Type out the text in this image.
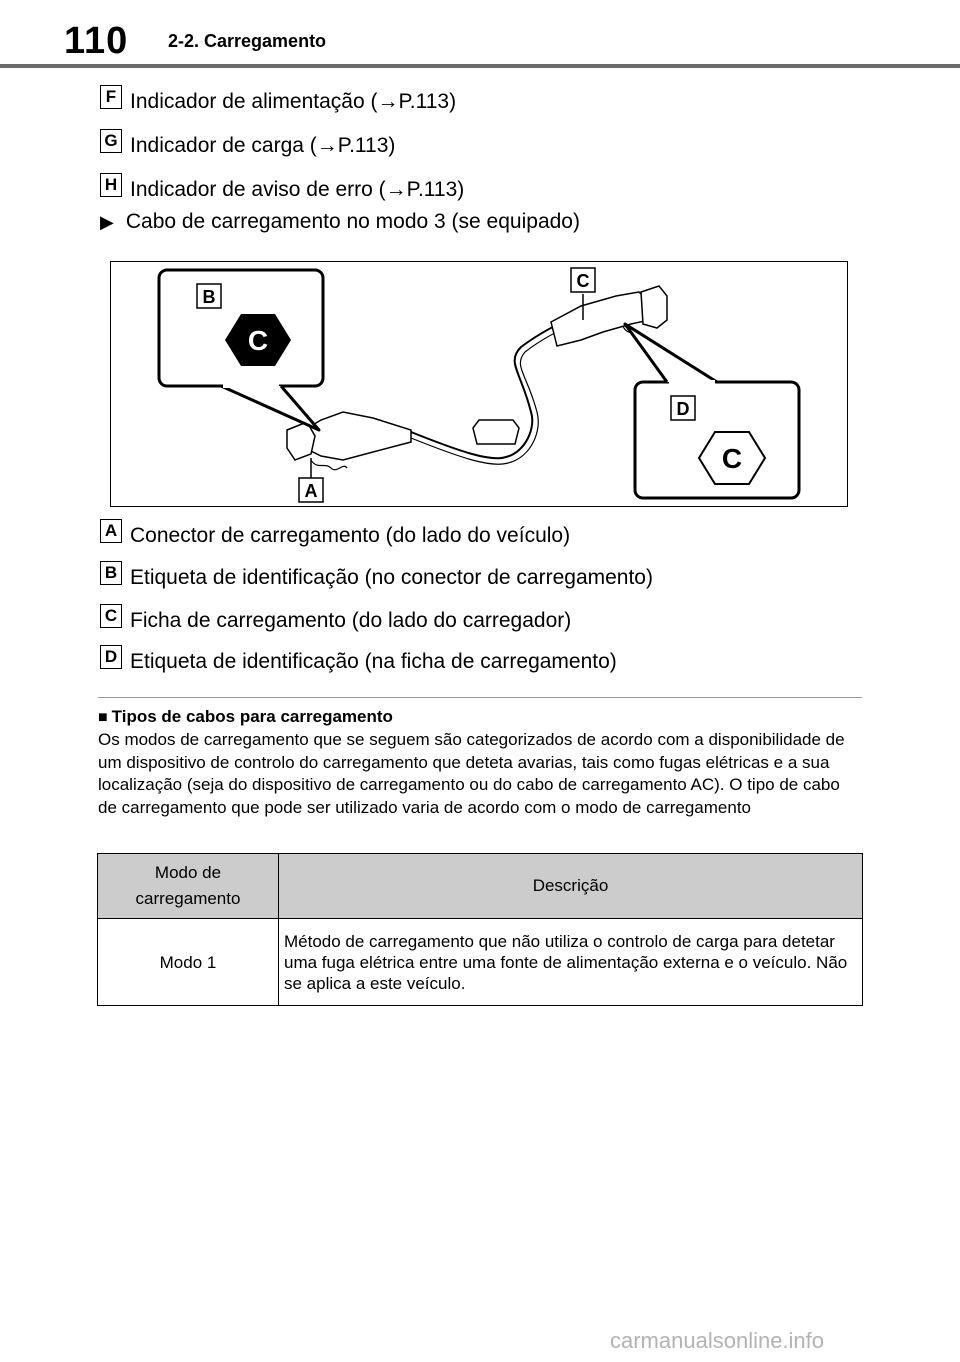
110 2-2. Carregamento
F Indicador de alimentação (→P.113)
G Indicador de carga (→P.113)
H Indicador de aviso de erro (→P.113)
▶ Cabo de carregamento no modo 3 (se equipado)
C
B
C
D
C
A
A Conector de carregamento (do lado do veículo)
B Etiqueta de identificação (no conector de carregamento)
C Ficha de carregamento (do lado do carregador)
D Etiqueta de identificação (na ficha de carregamento)
■ Tipos de cabos para carregamento
Os modos de carregamento que se seguem são categorizados de acordo com a disponibilidade de um dispositivo de controlo do carregamento que deteta avarias, tais como fugas elétricas e a sua localização (seja do dispositivo de carregamento ou do cabo de carregamento AC). O tipo de cabo de carregamento que pode ser utilizado varia de acordo com o modo de carregamento
Modo de carregamento	Descrição
Modo 1	Método de carregamento que não utiliza o controlo de carga para detetar uma fuga elétrica entre uma fonte de alimentação externa e o veículo. Não se aplica a este veículo.
carmanualsonline.info
